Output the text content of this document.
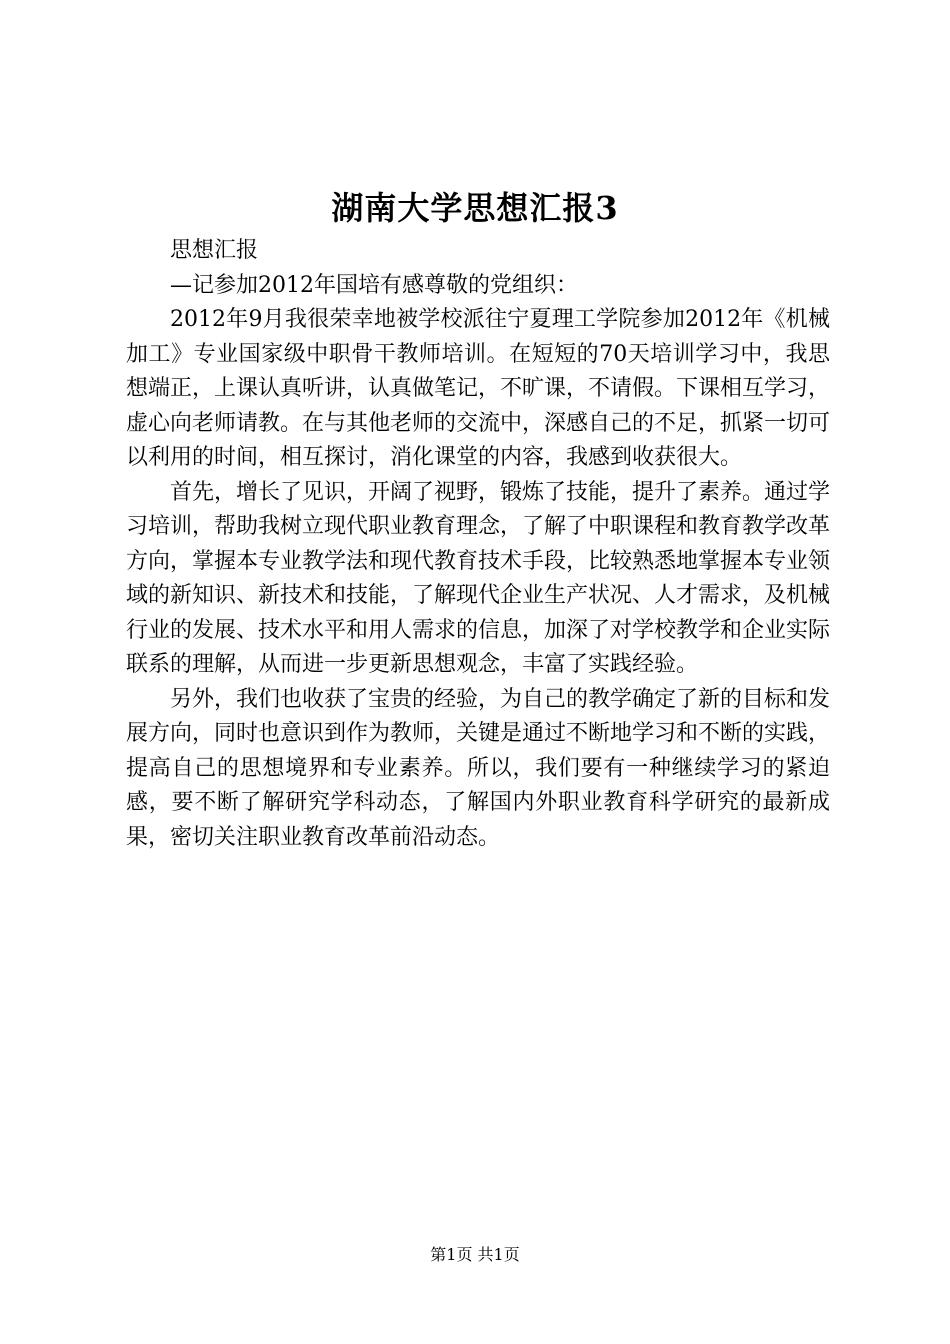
湖南大学思想汇报3

思想汇报

—记参加2012年国培有感尊敬的党组织：

2012年9月我很荣幸地被学校派往宁夏理工学院参加2012年《机械加工》专业国家级中职骨干教师培训。在短短的70天培训学习中，我思想端正，上课认真听讲，认真做笔记，不旷课，不请假。下课相互学习，虚心向老师请教。在与其他老师的交流中，深感自己的不足，抓紧一切可以利用的时间，相互探讨，消化课堂的内容，我感到收获很大。

首先，增长了见识，开阔了视野，锻炼了技能，提升了素养。通过学习培训，帮助我树立现代职业教育理念，了解了中职课程和教育教学改革方向，掌握本专业教学法和现代教育技术手段，比较熟悉地掌握本专业领域的新知识、新技术和技能，了解现代企业生产状况、人才需求，及机械行业的发展、技术水平和用人需求的信息，加深了对学校教学和企业实际联系的理解，从而进一步更新思想观念，丰富了实践经验。

另外，我们也收获了宝贵的经验，为自己的教学确定了新的目标和发展方向，同时也意识到作为教师，关键是通过不断地学习和不断的实践，提高自己的思想境界和专业素养。所以，我们要有一种继续学习的紧迫感，要不断了解研究学科动态，了解国内外职业教育科学研究的最新成果，密切关注职业教育改革前沿动态。

第1页 共1页
